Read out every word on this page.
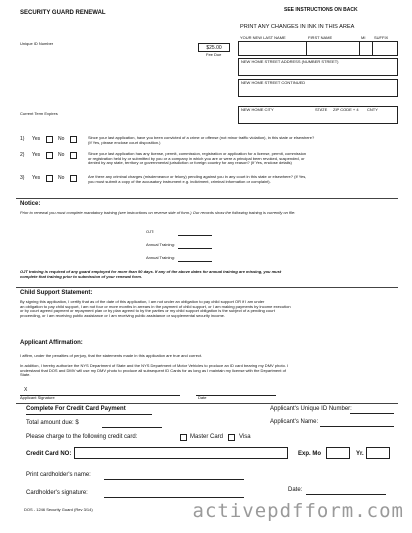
SECURITY GUARD RENEWAL	SEE INSTRUCTIONS ON BACK
PRINT ANY CHANGES IN INK IN THIS AREA
Unique ID Number
Current Term Expires
$25.00
Fee Due
YOUR NEW LAST NAME	FIRST NAME	MI SUFFIX
NEW HOME STREET ADDRESS (NUMBER STREET)
NEW HOME STREET CONTINUED
NEW HOME CITY	STATE ZIP CODE + 4 CNTY
1) Yes	No	Since your last application, have you been convicted of a crime or offense (not minor traffic violation), in this state or elsewhere?
(If Yes, please enclose court disposition.)
2) Yes	No	Since your last application has any license, permit, commission, registration or application for a license, permit, commission
or registration held by or submitted by you or a company in which you are or were a principal been revoked, suspended, or
denied by any state, territory or governmental jurisdiction or foreign country for any reason? (If Yes, enclose details)
3) Yes	No	Are there any criminal charges (misdemeanor or felony) pending against you in any court in this state or elsewhere? (If Yes,
you must submit a copy of the accusatory instrument e.g. indictment, criminal information or complaint).
Notice:
Prior to renewal you must complete mandatory training (see instructions on reverse side of form.) Our records show the following training is currently on file:
OJT:
Annual Training:
Annual Training:
OJT training is required of any guard employed for more than 90 days. If any of the above dates for annual training are missing, you must
complete that training prior to submission of your renewal form.
Child Support Statement:
By signing this application, I certify that as of the date of this application, I am not under an obligation to pay child support OR if I am under
an obligation to pay child support, I am not four or more months in arrears in the payment of child support, or I am making payments by income execution
or by court agreed payment or repayment plan or by plan agreed to by the parties or my child support obligation is the subject of a pending court
proceeding, or I am receiving public assistance or I am receiving public assistance or supplemental security income.
Applicant Affirmation:
I affirm, under the penalties of perjury, that the statements made in this application are true and correct.
In addition, I hereby authorize the NYS Department of State and the NYS Department of Motor Vehicles to produce an ID card bearing my DMV photo. I
understand that DOS and DMV will use my DMV photo to produce all subsequent ID Cards for as long as I maintain my license with the Department of
State.
X
Applicant Signature	Date
Complete For Credit Card Payment
Total amount due: $
Please charge to the following credit card:	Master Card	Visa
Credit Card NO:	Exp. Mo	Yr.
Print cardholder's name:
Cardholder's signature:	Date:
Applicant's Unique ID Number:
Applicant's Name:
DOS - 1246 Security Guard (Rev 3/14)	activepdfform.com
